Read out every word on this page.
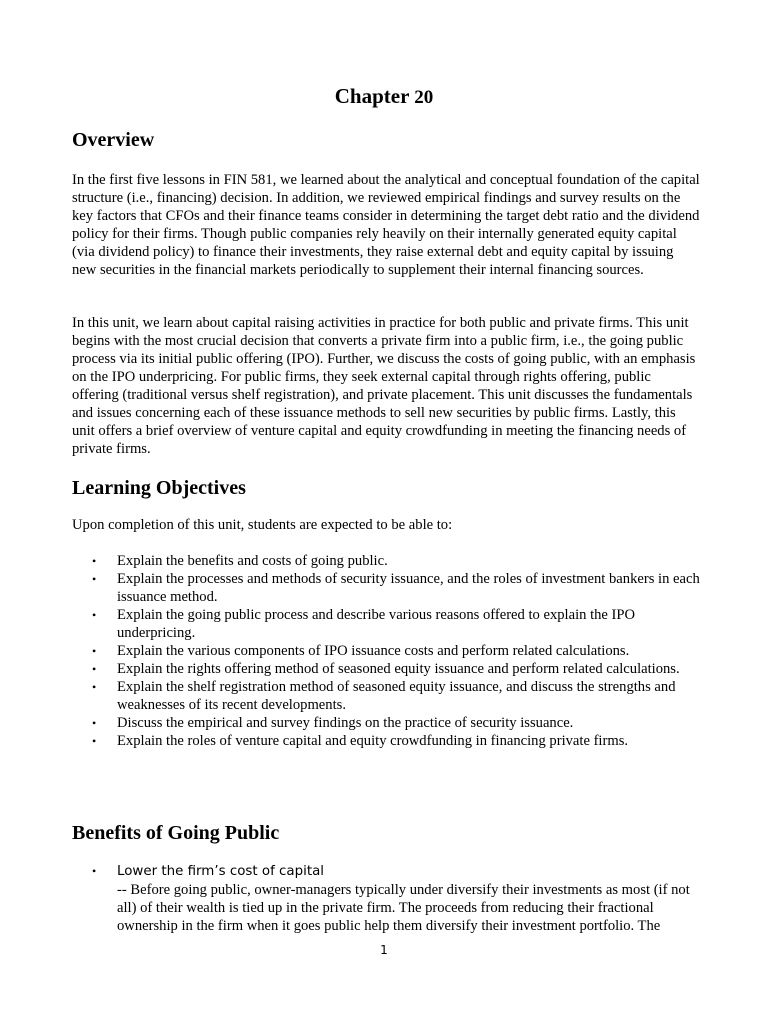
Chapter 20
Overview

In the first five lessons in FIN 581, we learned about the analytical and conceptual foundation of the capital structure (i.e., financing) decision. In addition, we reviewed empirical findings and survey results on the key factors that CFOs and their finance teams consider in determining the target debt ratio and the dividend policy for their firms. Though public companies rely heavily on their internally generated equity capital (via dividend policy) to finance their investments, they raise external debt and equity capital by issuing new securities in the financial markets periodically to supplement their internal financing sources.

In this unit, we learn about capital raising activities in practice for both public and private firms. This unit begins with the most crucial decision that converts a private firm into a public firm, i.e., the going public process via its initial public offering (IPO). Further, we discuss the costs of going public, with an emphasis on the IPO underpricing. For public firms, they seek external capital through rights offering, public offering (traditional versus shelf registration), and private placement. This unit discusses the fundamentals and issues concerning each of these issuance methods to sell new securities by public firms. Lastly, this unit offers a brief overview of venture capital and equity crowdfunding in meeting the financing needs of private firms.

Learning Objectives

Upon completion of this unit, students are expected to be able to:

• Explain the benefits and costs of going public.
• Explain the processes and methods of security issuance, and the roles of investment bankers in each issuance method.
• Explain the going public process and describe various reasons offered to explain the IPO underpricing.
• Explain the various components of IPO issuance costs and perform related calculations.
• Explain the rights offering method of seasoned equity issuance and perform related calculations.
• Explain the shelf registration method of seasoned equity issuance, and discuss the strengths and weaknesses of its recent developments.
• Discuss the empirical and survey findings on the practice of security issuance.
• Explain the roles of venture capital and equity crowdfunding in financing private firms.
Benefits of Going Public
• Lower the firm’s cost of capital
-- Before going public, owner-managers typically under diversify their investments as most (if not all) of their wealth is tied up in the private firm. The proceeds from reducing their fractional ownership in the firm when it goes public help them diversify their investment portfolio. The
1
